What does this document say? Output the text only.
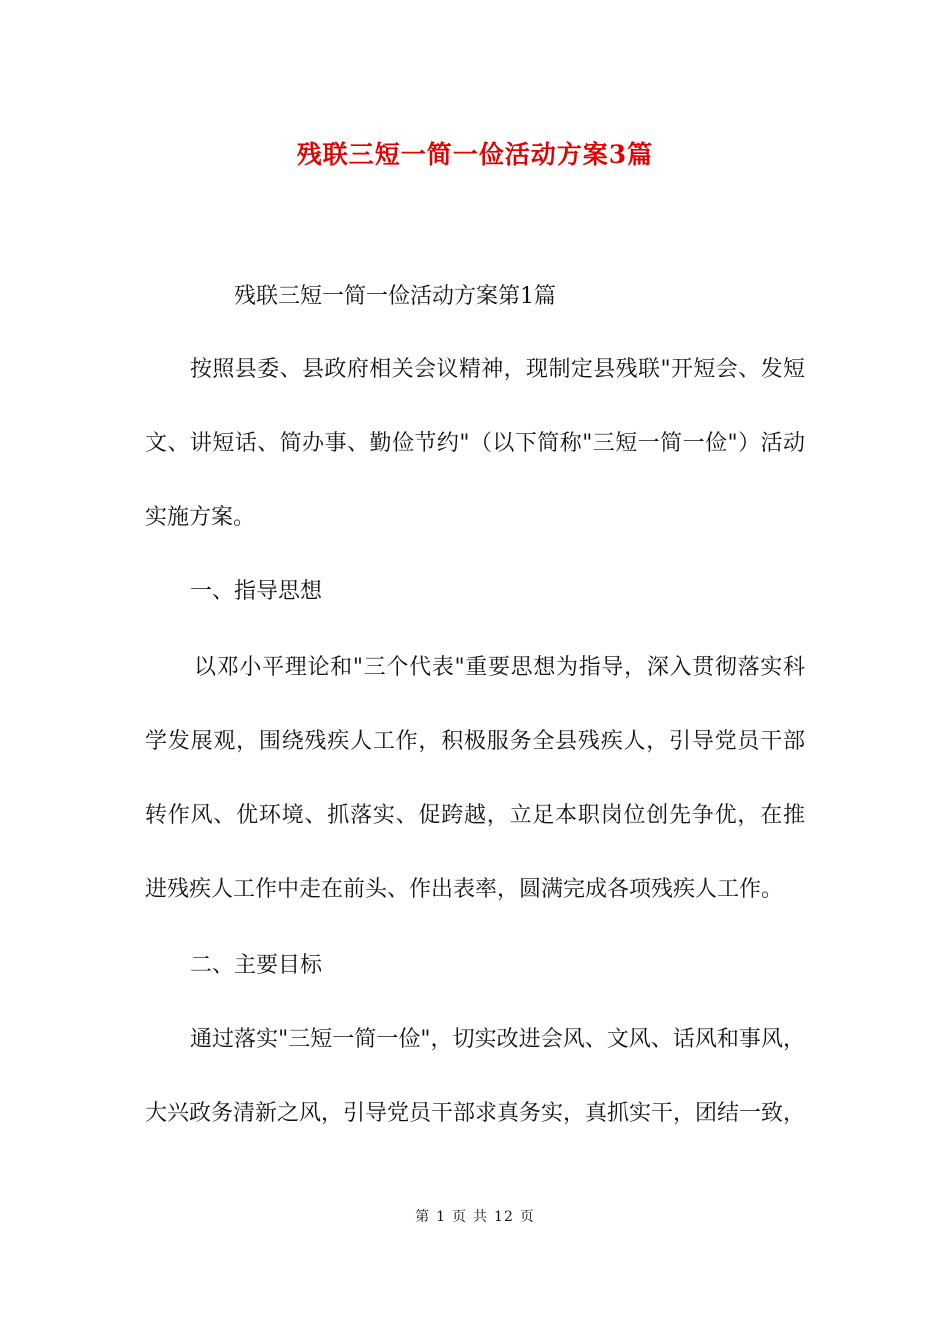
残联三短一简一俭活动方案3篇
残联三短一简一俭活动方案第1篇
按照县委、县政府相关会议精神，现制定县残联"开短会、发短
文、讲短话、简办事、勤俭节约"（以下简称"三短一简一俭"）活动
实施方案。
一、指导思想
以邓小平理论和"三个代表"重要思想为指导，深入贯彻落实科
学发展观，围绕残疾人工作，积极服务全县残疾人，引导党员干部
转作风、优环境、抓落实、促跨越，立足本职岗位创先争优，在推
进残疾人工作中走在前头、作出表率，圆满完成各项残疾人工作。
二、主要目标
通过落实"三短一简一俭"，切实改进会风、文风、话风和事风，
大兴政务清新之风，引导党员干部求真务实，真抓实干，团结一致，
第 1 页 共 12 页
